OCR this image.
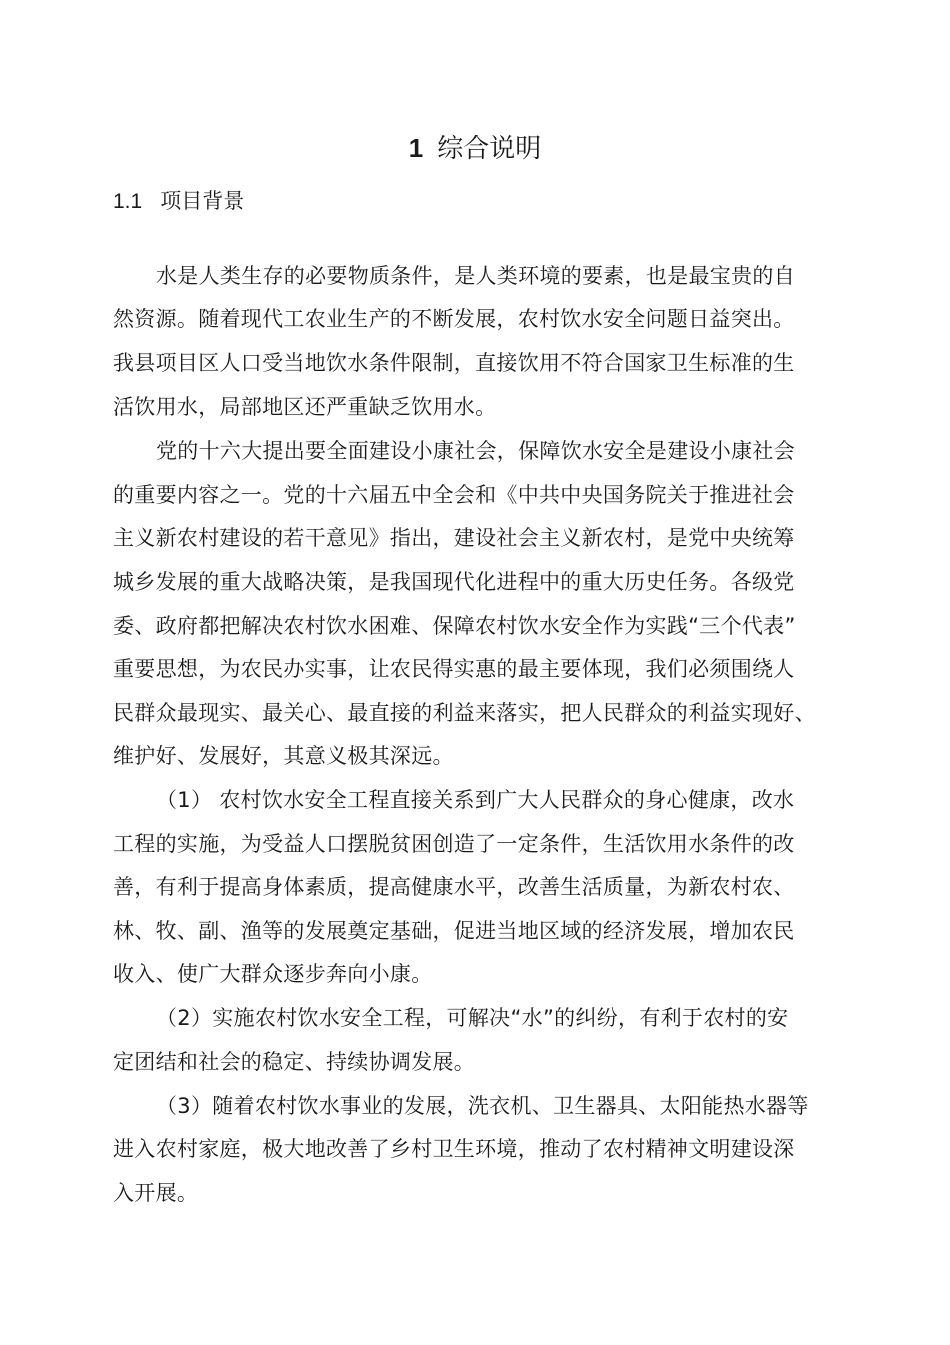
1 综合说明
1.1 项目背景
水是人类生存的必要物质条件，是人类环境的要素，也是最宝贵的自
然资源。随着现代工农业生产的不断发展，农村饮水安全问题日益突出。
我县项目区人口受当地饮水条件限制，直接饮用不符合国家卫生标准的生
活饮用水，局部地区还严重缺乏饮用水。
党的十六大提出要全面建设小康社会，保障饮水安全是建设小康社会
的重要内容之一。党的十六届五中全会和《中共中央国务院关于推进社会
主义新农村建设的若干意见》指出，建设社会主义新农村，是党中央统筹
城乡发展的重大战略决策，是我国现代化进程中的重大历史任务。各级党
委、政府都把解决农村饮水困难、保障农村饮水安全作为实践“三个代表”
重要思想，为农民办实事，让农民得实惠的最主要体现，我们必须围绕人
民群众最现实、最关心、最直接的利益来落实，把人民群众的利益实现好、
维护好、发展好，其意义极其深远。
（1） 农村饮水安全工程直接关系到广大人民群众的身心健康，改水
工程的实施，为受益人口摆脱贫困创造了一定条件，生活饮用水条件的改
善，有利于提高身体素质，提高健康水平，改善生活质量，为新农村农、
林、牧、副、渔等的发展奠定基础，促进当地区域的经济发展，增加农民
收入、使广大群众逐步奔向小康。
（2）实施农村饮水安全工程，可解决“水”的纠纷，有利于农村的安
定团结和社会的稳定、持续协调发展。
（3）随着农村饮水事业的发展，洗衣机、卫生器具、太阳能热水器等
进入农村家庭，极大地改善了乡村卫生环境，推动了农村精神文明建设深
入开展。
